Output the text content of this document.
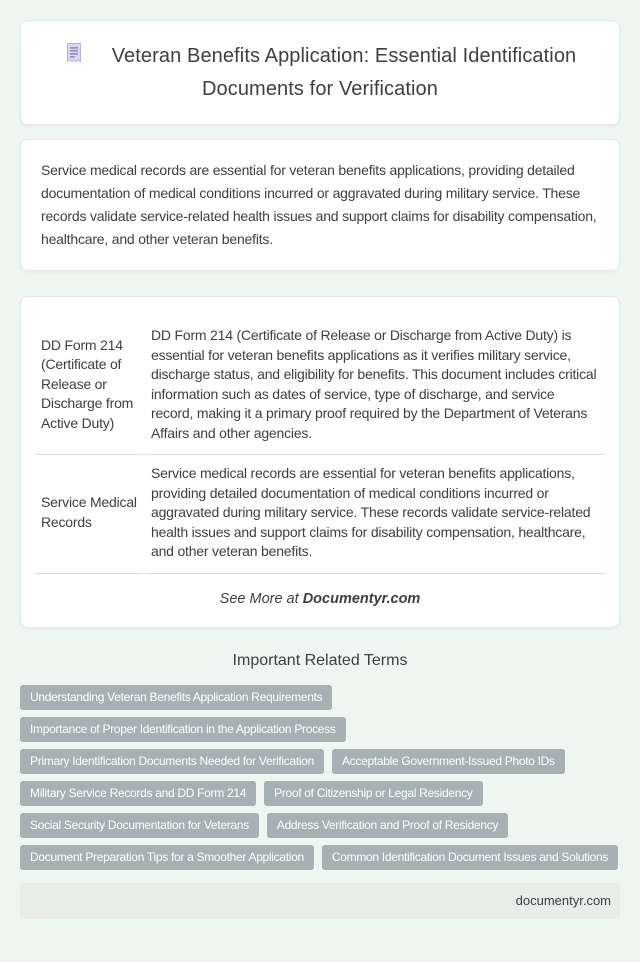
Veteran Benefits Application: Essential Identification Documents for Verification

Service medical records are essential for veteran benefits applications, providing detailed documentation of medical conditions incurred or aggravated during military service. These records validate service-related health issues and support claims for disability compensation, healthcare, and other veteran benefits.

DD Form 214 (Certificate of Release or Discharge from Active Duty)	DD Form 214 (Certificate of Release or Discharge from Active Duty) is essential for veteran benefits applications as it verifies military service, discharge status, and eligibility for benefits. This document includes critical information such as dates of service, type of discharge, and service record, making it a primary proof required by the Department of Veterans Affairs and other agencies.
Service Medical Records	Service medical records are essential for veteran benefits applications, providing detailed documentation of medical conditions incurred or aggravated during military service. These records validate service-related health issues and support claims for disability compensation, healthcare, and other veteran benefits.

See More at Documentyr.com

Important Related Terms
Understanding Veteran Benefits Application Requirements
Importance of Proper Identification in the Application Process
Primary Identification Documents Needed for Verification	Acceptable Government-Issued Photo IDs
Military Service Records and DD Form 214	Proof of Citizenship or Legal Residency
Social Security Documentation for Veterans	Address Verification and Proof of Residency
Document Preparation Tips for a Smoother Application	Common Identification Document Issues and Solutions
documentyr.com
